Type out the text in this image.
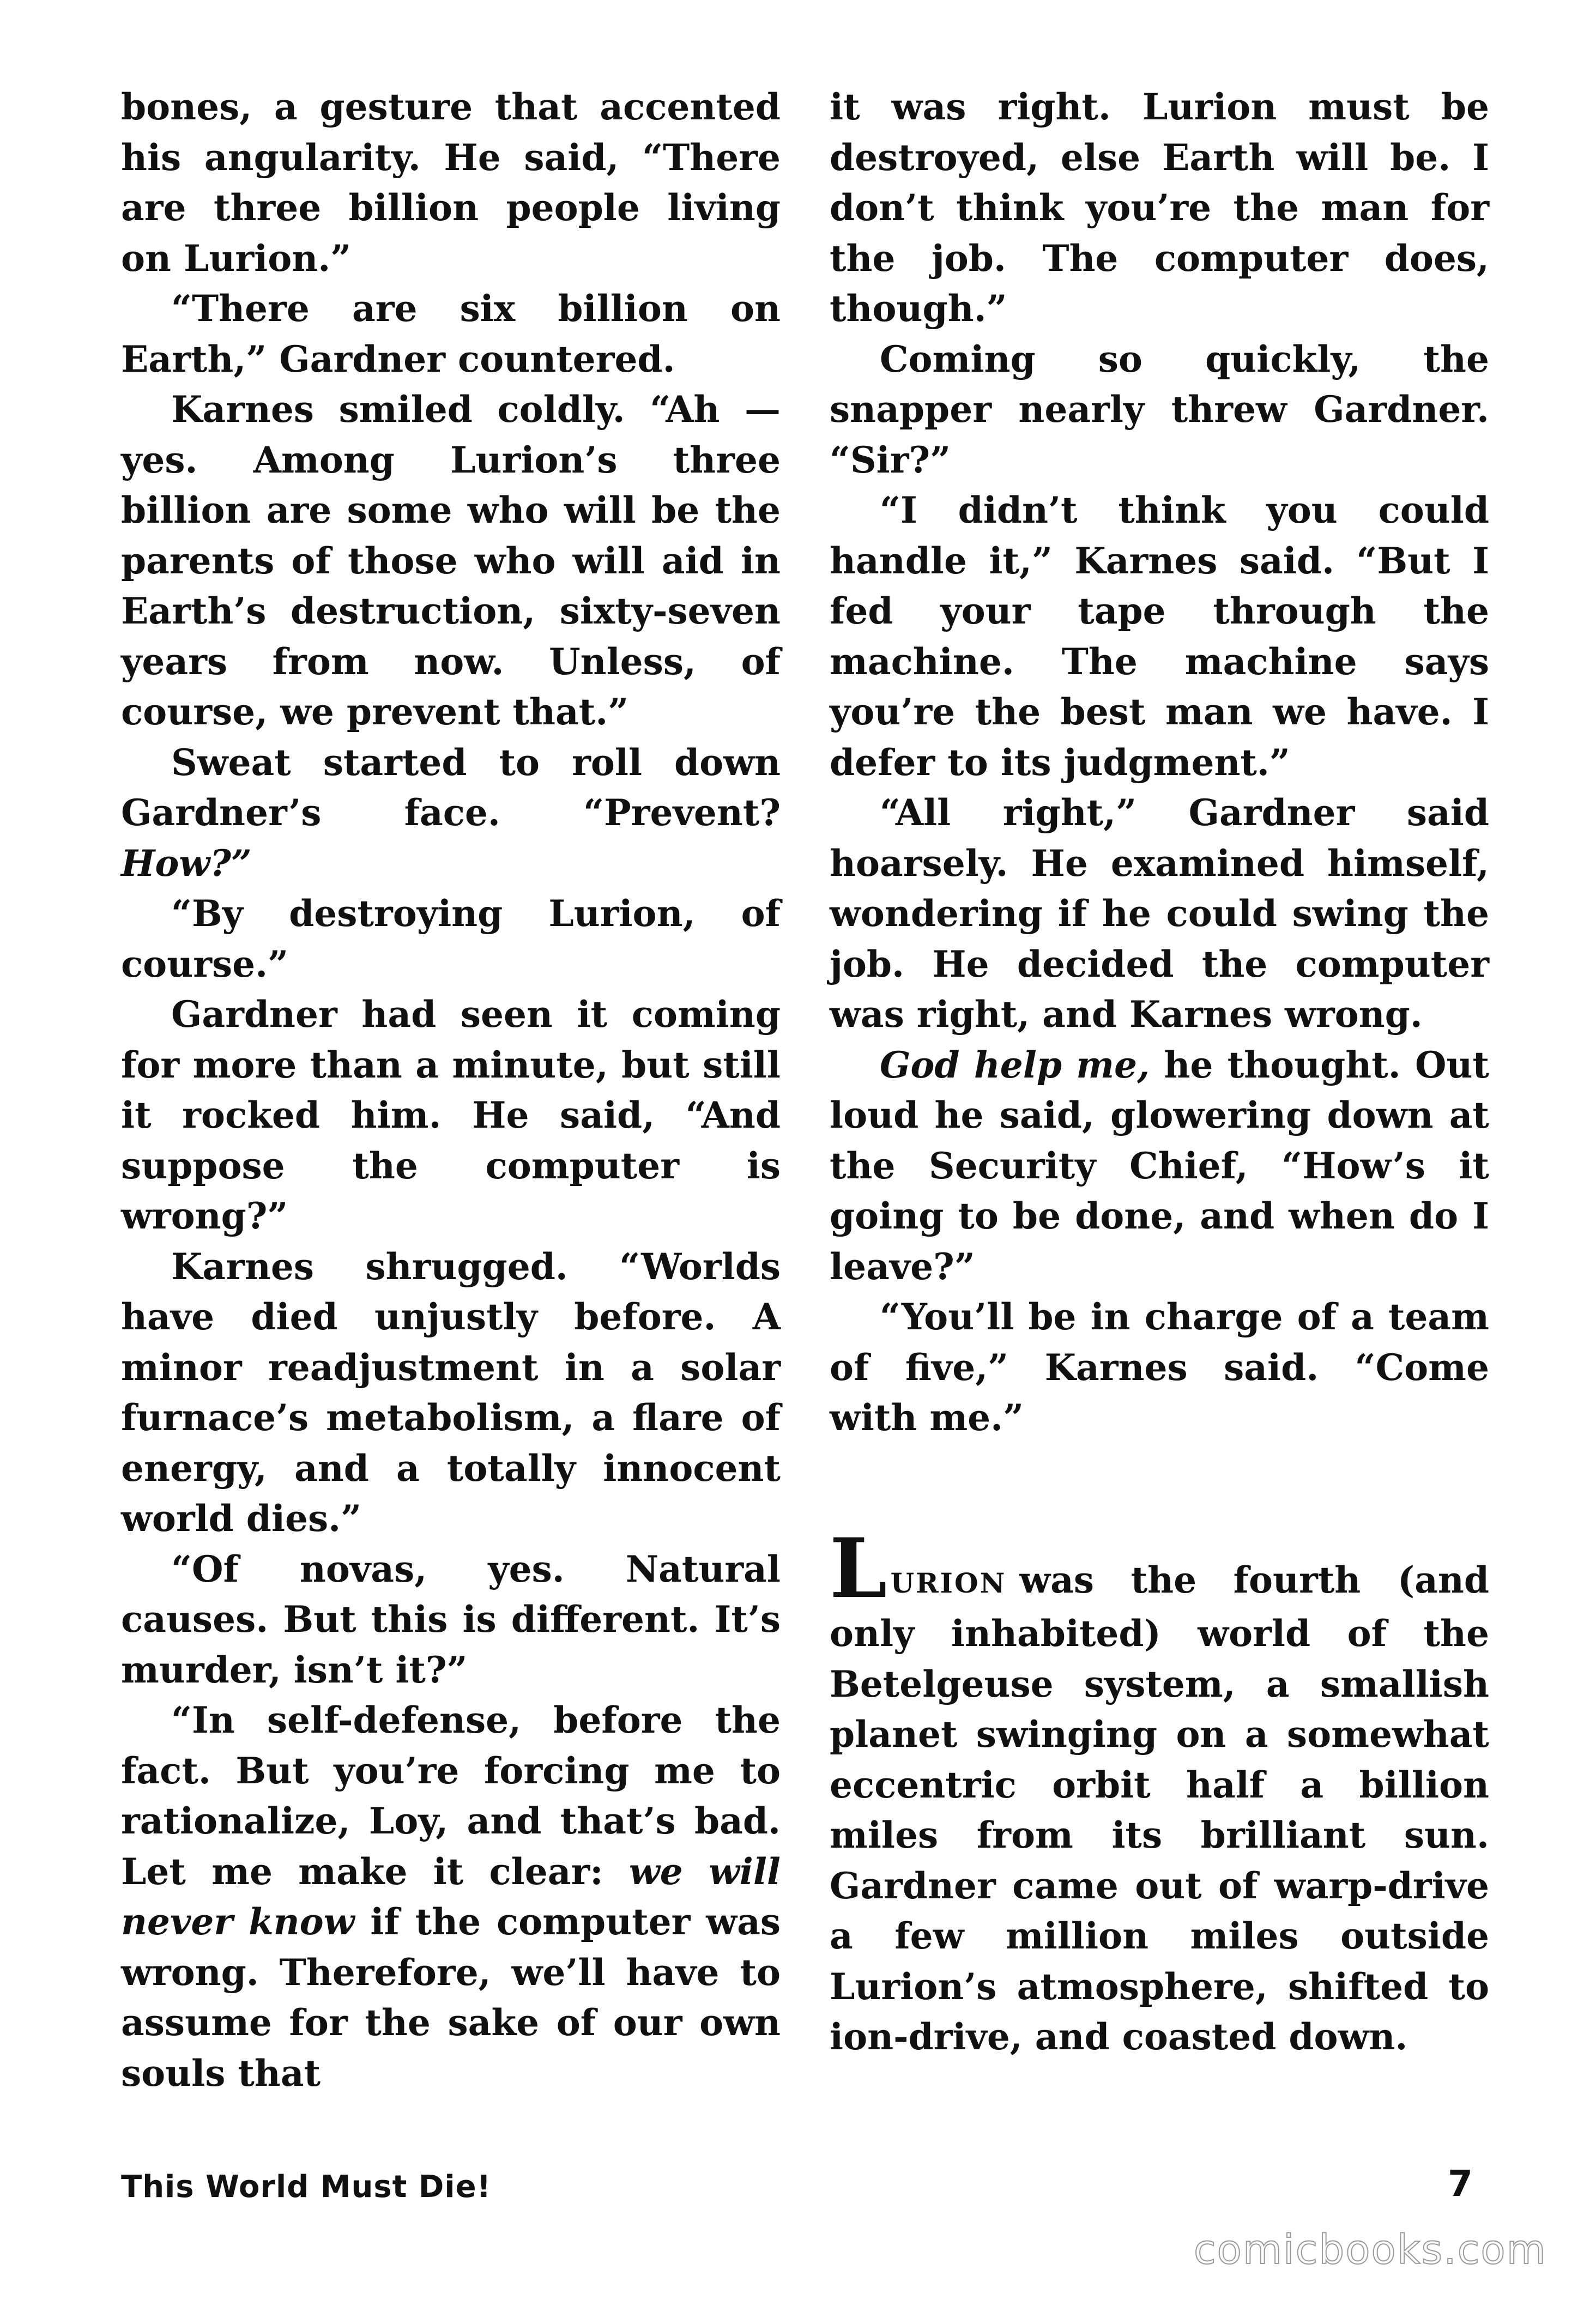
bones, a gesture that accented his angularity. He said, “There are three billion people living on Lurion.”

“There are six billion on Earth,” Gardner countered.

Karnes smiled coldly. “Ah —yes. Among Lurion’s three billion are some who will be the parents of those who will aid in Earth’s destruction, sixty-seven years from now. Unless, of course, we prevent that.”

Sweat started to roll down Gardner’s face. “Prevent? How?”

“By destroying Lurion, of course.”

Gardner had seen it coming for more than a minute, but still it rocked him. He said, “And suppose the computer is wrong?”

Karnes shrugged. “Worlds have died unjustly before. A minor readjustment in a solar furnace’s metabolism, a flare of energy, and a totally innocent world dies.”

“Of novas, yes. Natural causes. But this is different. It’s murder, isn’t it?”

“In self-defense, before the fact. But you’re forcing me to rationalize, Loy, and that’s bad. Let me make it clear: we will never know if the computer was wrong. Therefore, we’ll have to assume for the sake of our own souls that

it was right. Lurion must be destroyed, else Earth will be. I don’t think you’re the man for the job. The computer does, though.”

Coming so quickly, the snapper nearly threw Gardner. “Sir?”

“I didn’t think you could handle it,” Karnes said. “But I fed your tape through the machine. The machine says you’re the best man we have. I defer to its judgment.”

“All right,” Gardner said hoarsely. He examined himself, wondering if he could swing the job. He decided the computer was right, and Karnes wrong.

God help me, he thought. Out loud he said, glowering down at the Security Chief, “How’s it going to be done, and when do I leave?”

“You’ll be in charge of a team of five,” Karnes said. “Come with me.”

LURION was the fourth (and only inhabited) world of the Betelgeuse system, a smallish planet swinging on a somewhat eccentric orbit half a billion miles from its brilliant sun. Gardner came out of warp-drive a few million miles outside Lurion’s atmosphere, shifted to ion-drive, and coasted down.

This World Must Die!	7
comicbooks.com
